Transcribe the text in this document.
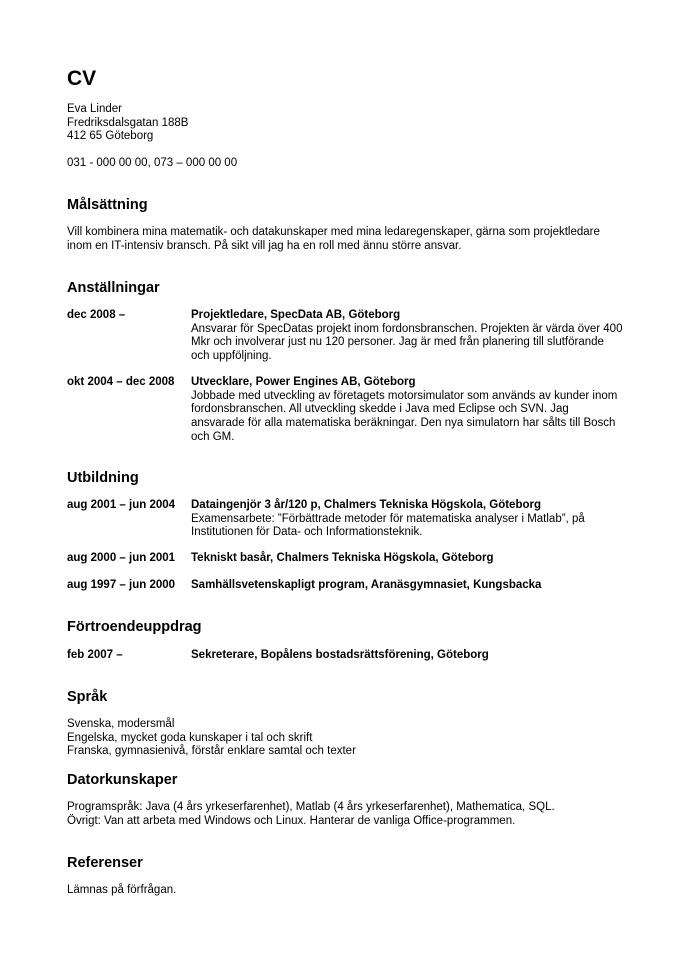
CV
Eva Linder
Fredriksdalsgatan 188B
412 65 Göteborg
031 - 000 00 00, 073 – 000 00 00
Målsättning
Vill kombinera mina matematik- och datakunskaper med mina ledaregenskaper, gärna som projektledare
inom en IT-intensiv bransch. På sikt vill jag ha en roll med ännu större ansvar.
Anställningar
dec 2008 –	Projektledare, SpecData AB, Göteborg
Ansvarar för SpecDatas projekt inom fordonsbranschen. Projekten är värda över 400
Mkr och involverar just nu 120 personer. Jag är med från planering till slutförande
och uppföljning.
okt 2004 – dec 2008 Utvecklare, Power Engines AB, Göteborg
Jobbade med utveckling av företagets motorsimulator som används av kunder inom
fordonsbranschen. All utveckling skedde i Java med Eclipse och SVN. Jag
ansvarade för alla matematiska beräkningar. Den nya simulatorn har sålts till Bosch
och GM.
Utbildning
aug 2001 – jun 2004 Dataingenjör 3 år/120 p, Chalmers Tekniska Högskola, Göteborg
Examensarbete: ”Förbättrade metoder för matematiska analyser i Matlab”, på
Institutionen för Data- och Informationsteknik.
aug 2000 – jun 2001 Tekniskt basår, Chalmers Tekniska Högskola, Göteborg
aug 1997 – jun 2000 Samhällsvetenskapligt program, Aranäsgymnasiet, Kungsbacka
Förtroendeuppdrag
feb 2007 –	Sekreterare, Bopålens bostadsrättsförening, Göteborg
Språk
Svenska, modersmål
Engelska, mycket goda kunskaper i tal och skrift
Franska, gymnasienivå, förstår enklare samtal och texter
Datorkunskaper
Programspråk: Java (4 års yrkeserfarenhet), Matlab (4 års yrkeserfarenhet), Mathematica, SQL.
Övrigt: Van att arbeta med Windows och Linux. Hanterar de vanliga Office-programmen.
Referenser
Lämnas på förfrågan.
